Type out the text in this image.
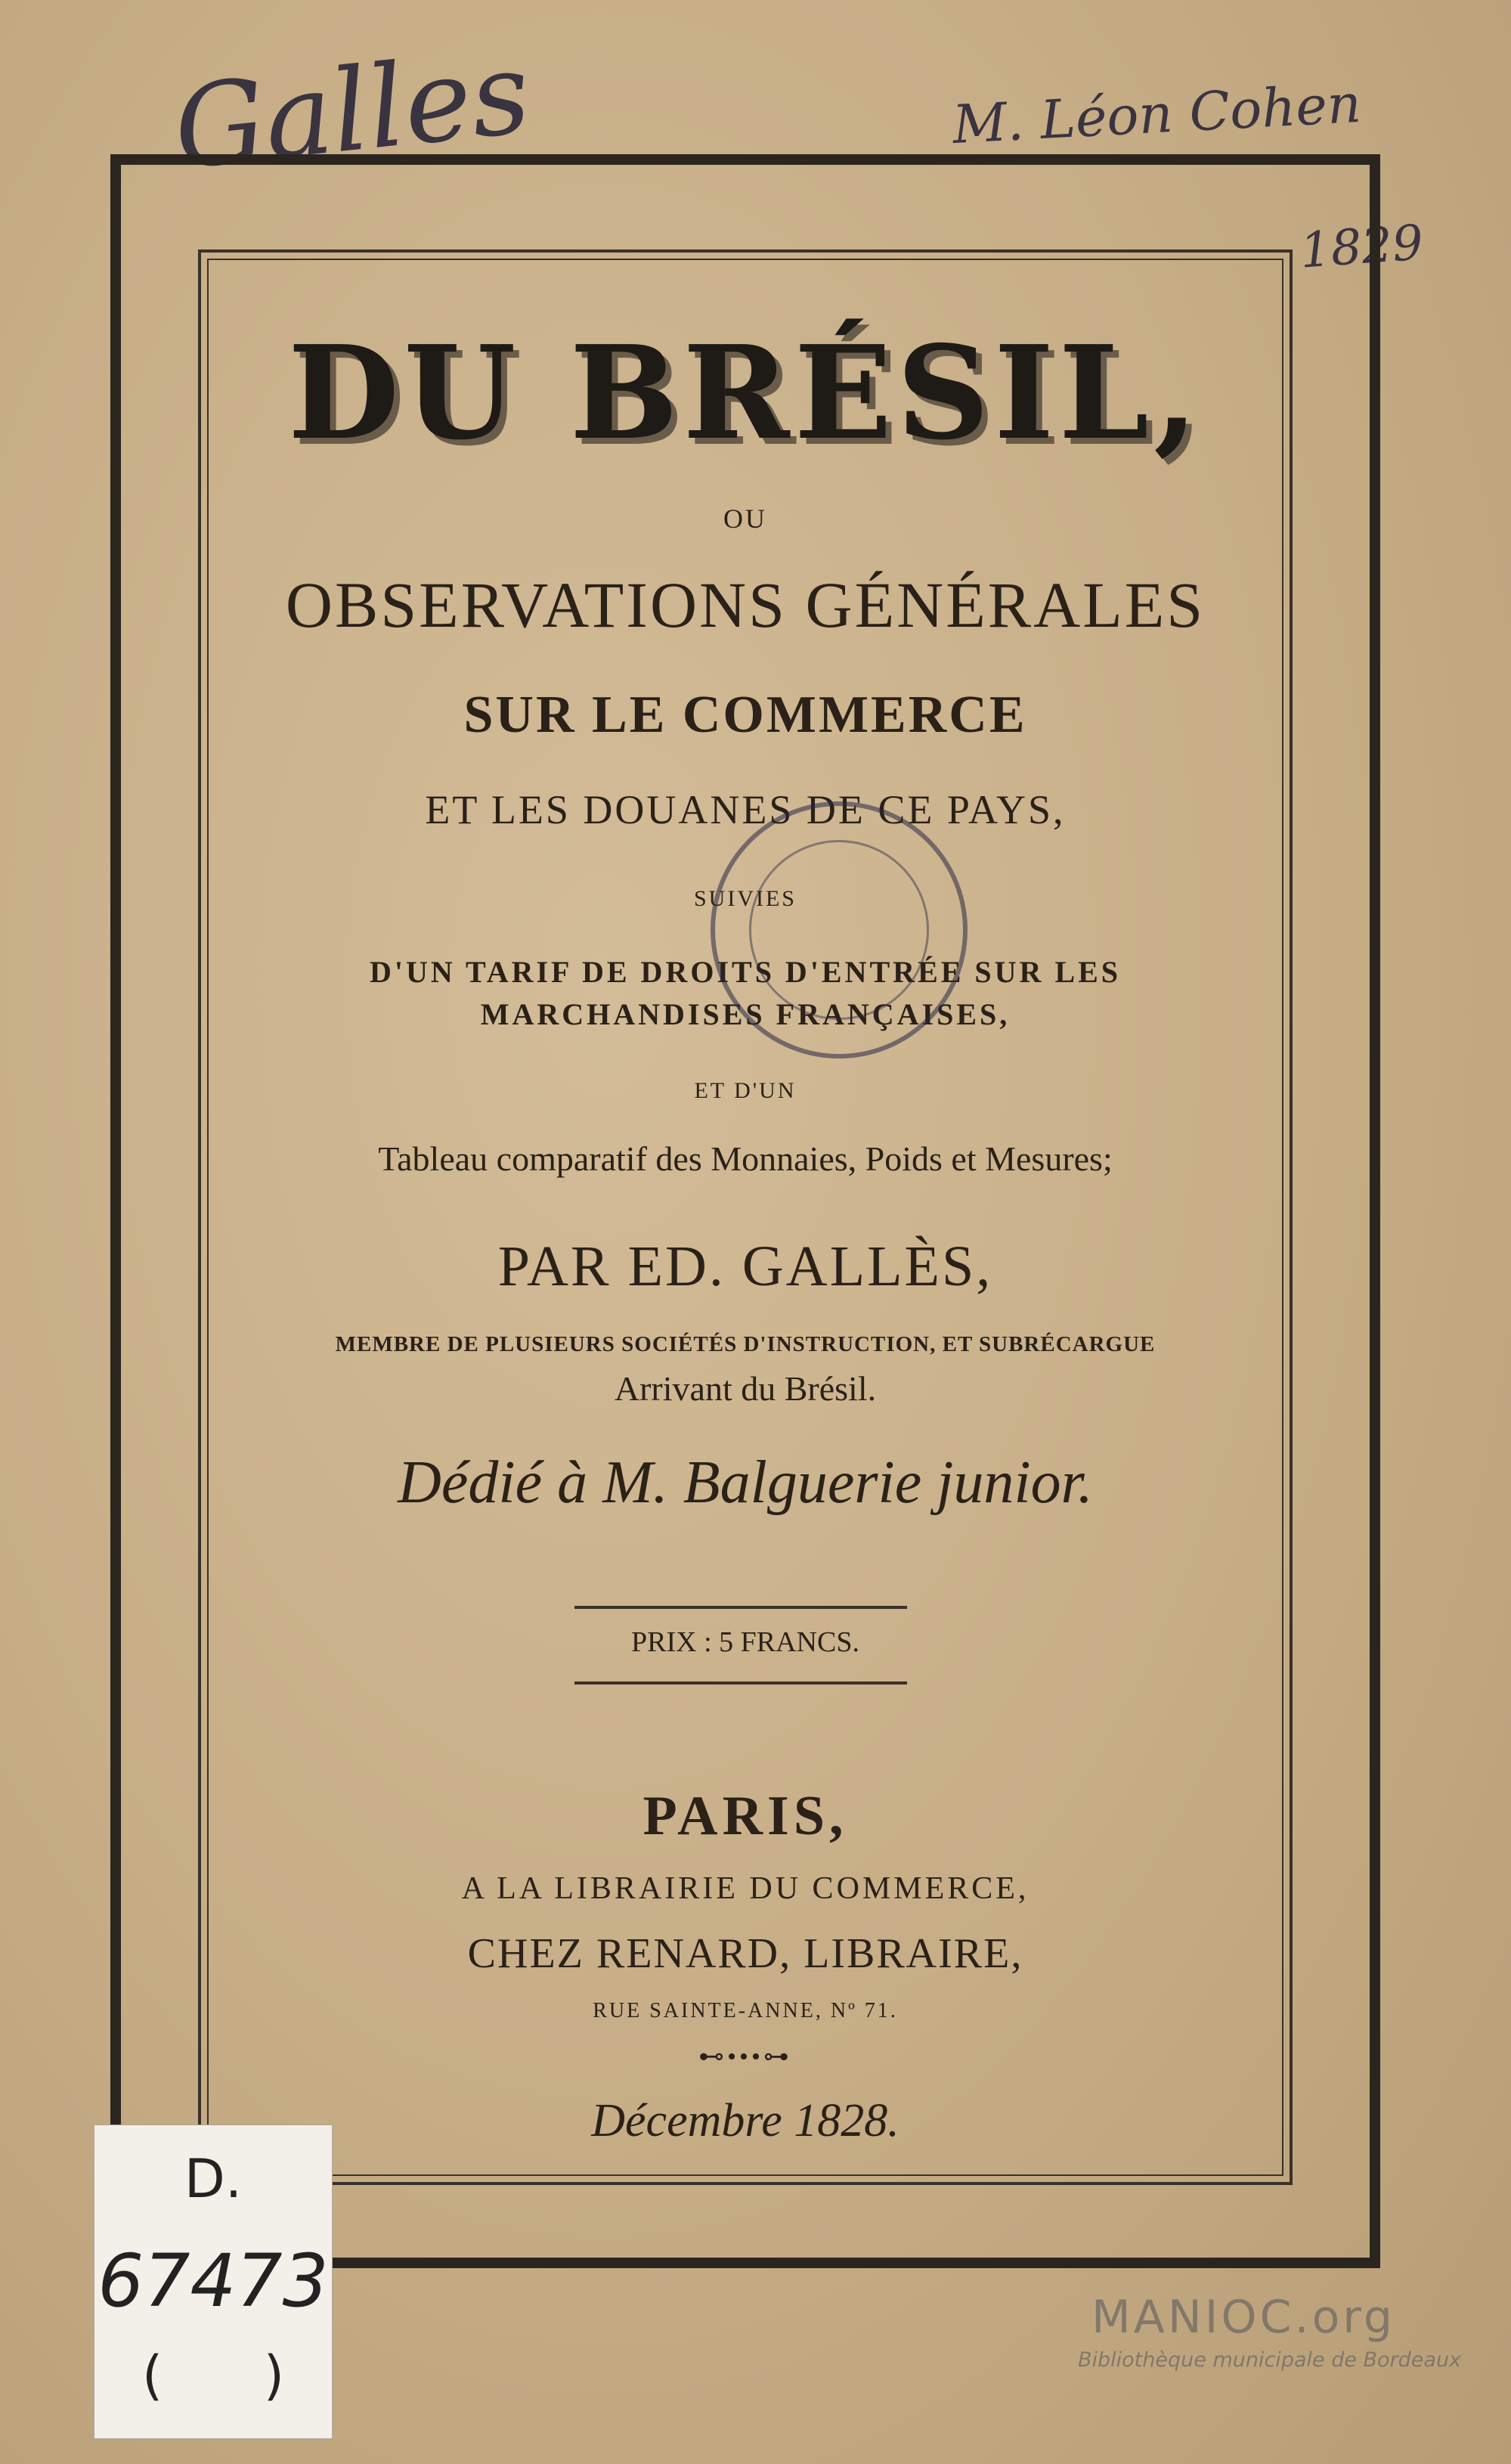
Galles	M. Léon Cohen
1829
DU BRÉSIL,
OU
OBSERVATIONS GÉNÉRALES
SUR LE COMMERCE
ET LES DOUANES DE CE PAYS,
SUIVIES
D'UN TARIF DE DROITS D'ENTRÉE SUR LES
MARCHANDISES FRANÇAISES,
ET D'UN
Tableau comparatif des Monnaies, Poids et Mesures;
PAR ED. GALLÈS,
MEMBRE DE PLUSIEURS SOCIÉTÉS D'INSTRUCTION, ET SUBRÉCARGUE
Arrivant du Brésil.
Dédié à M. Balguerie junior.
PRIX : 5 FRANCS.
PARIS,
A LA LIBRAIRIE DU COMMERCE,
CHEZ RENARD, LIBRAIRE,
RUE SAINTE-ANNE, Nº 71.
⊷•••⊶
Décembre 1828.
D.
67473
(      )
MANIOC.org
Bibliothèque municipale de Bordeaux
